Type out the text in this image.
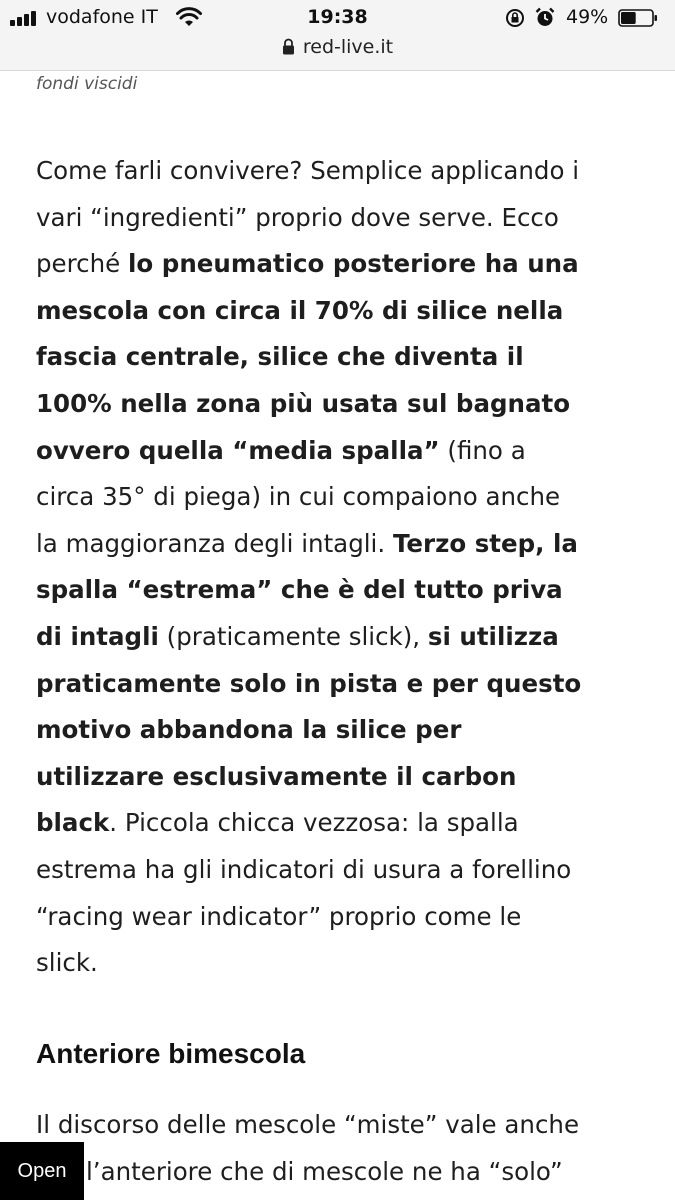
vodafone IT	19:38	49%
red-live.it
fondi viscidi

Come farli convivere? Semplice applicando i
vari “ingredienti” proprio dove serve. Ecco
perché lo pneumatico posteriore ha una
mescola con circa il 70% di silice nella
fascia centrale, silice che diventa il
100% nella zona più usata sul bagnato
ovvero quella “media spalla” (fino a
circa 35° di piega) in cui compaiono anche
la maggioranza degli intagli. Terzo step, la
spalla “estrema” che è del tutto priva
di intagli (praticamente slick), si utilizza
praticamente solo in pista e per questo
motivo abbandona la silice per
utilizzare esclusivamente il carbon
black. Piccola chicca vezzosa: la spalla
estrema ha gli indicatori di usura a forellino
“racing wear indicator” proprio come le
slick.

Anteriore bimescola

Il discorso delle mescole “miste” vale anche
l’anteriore che di mescole ne ha “solo”

Open
